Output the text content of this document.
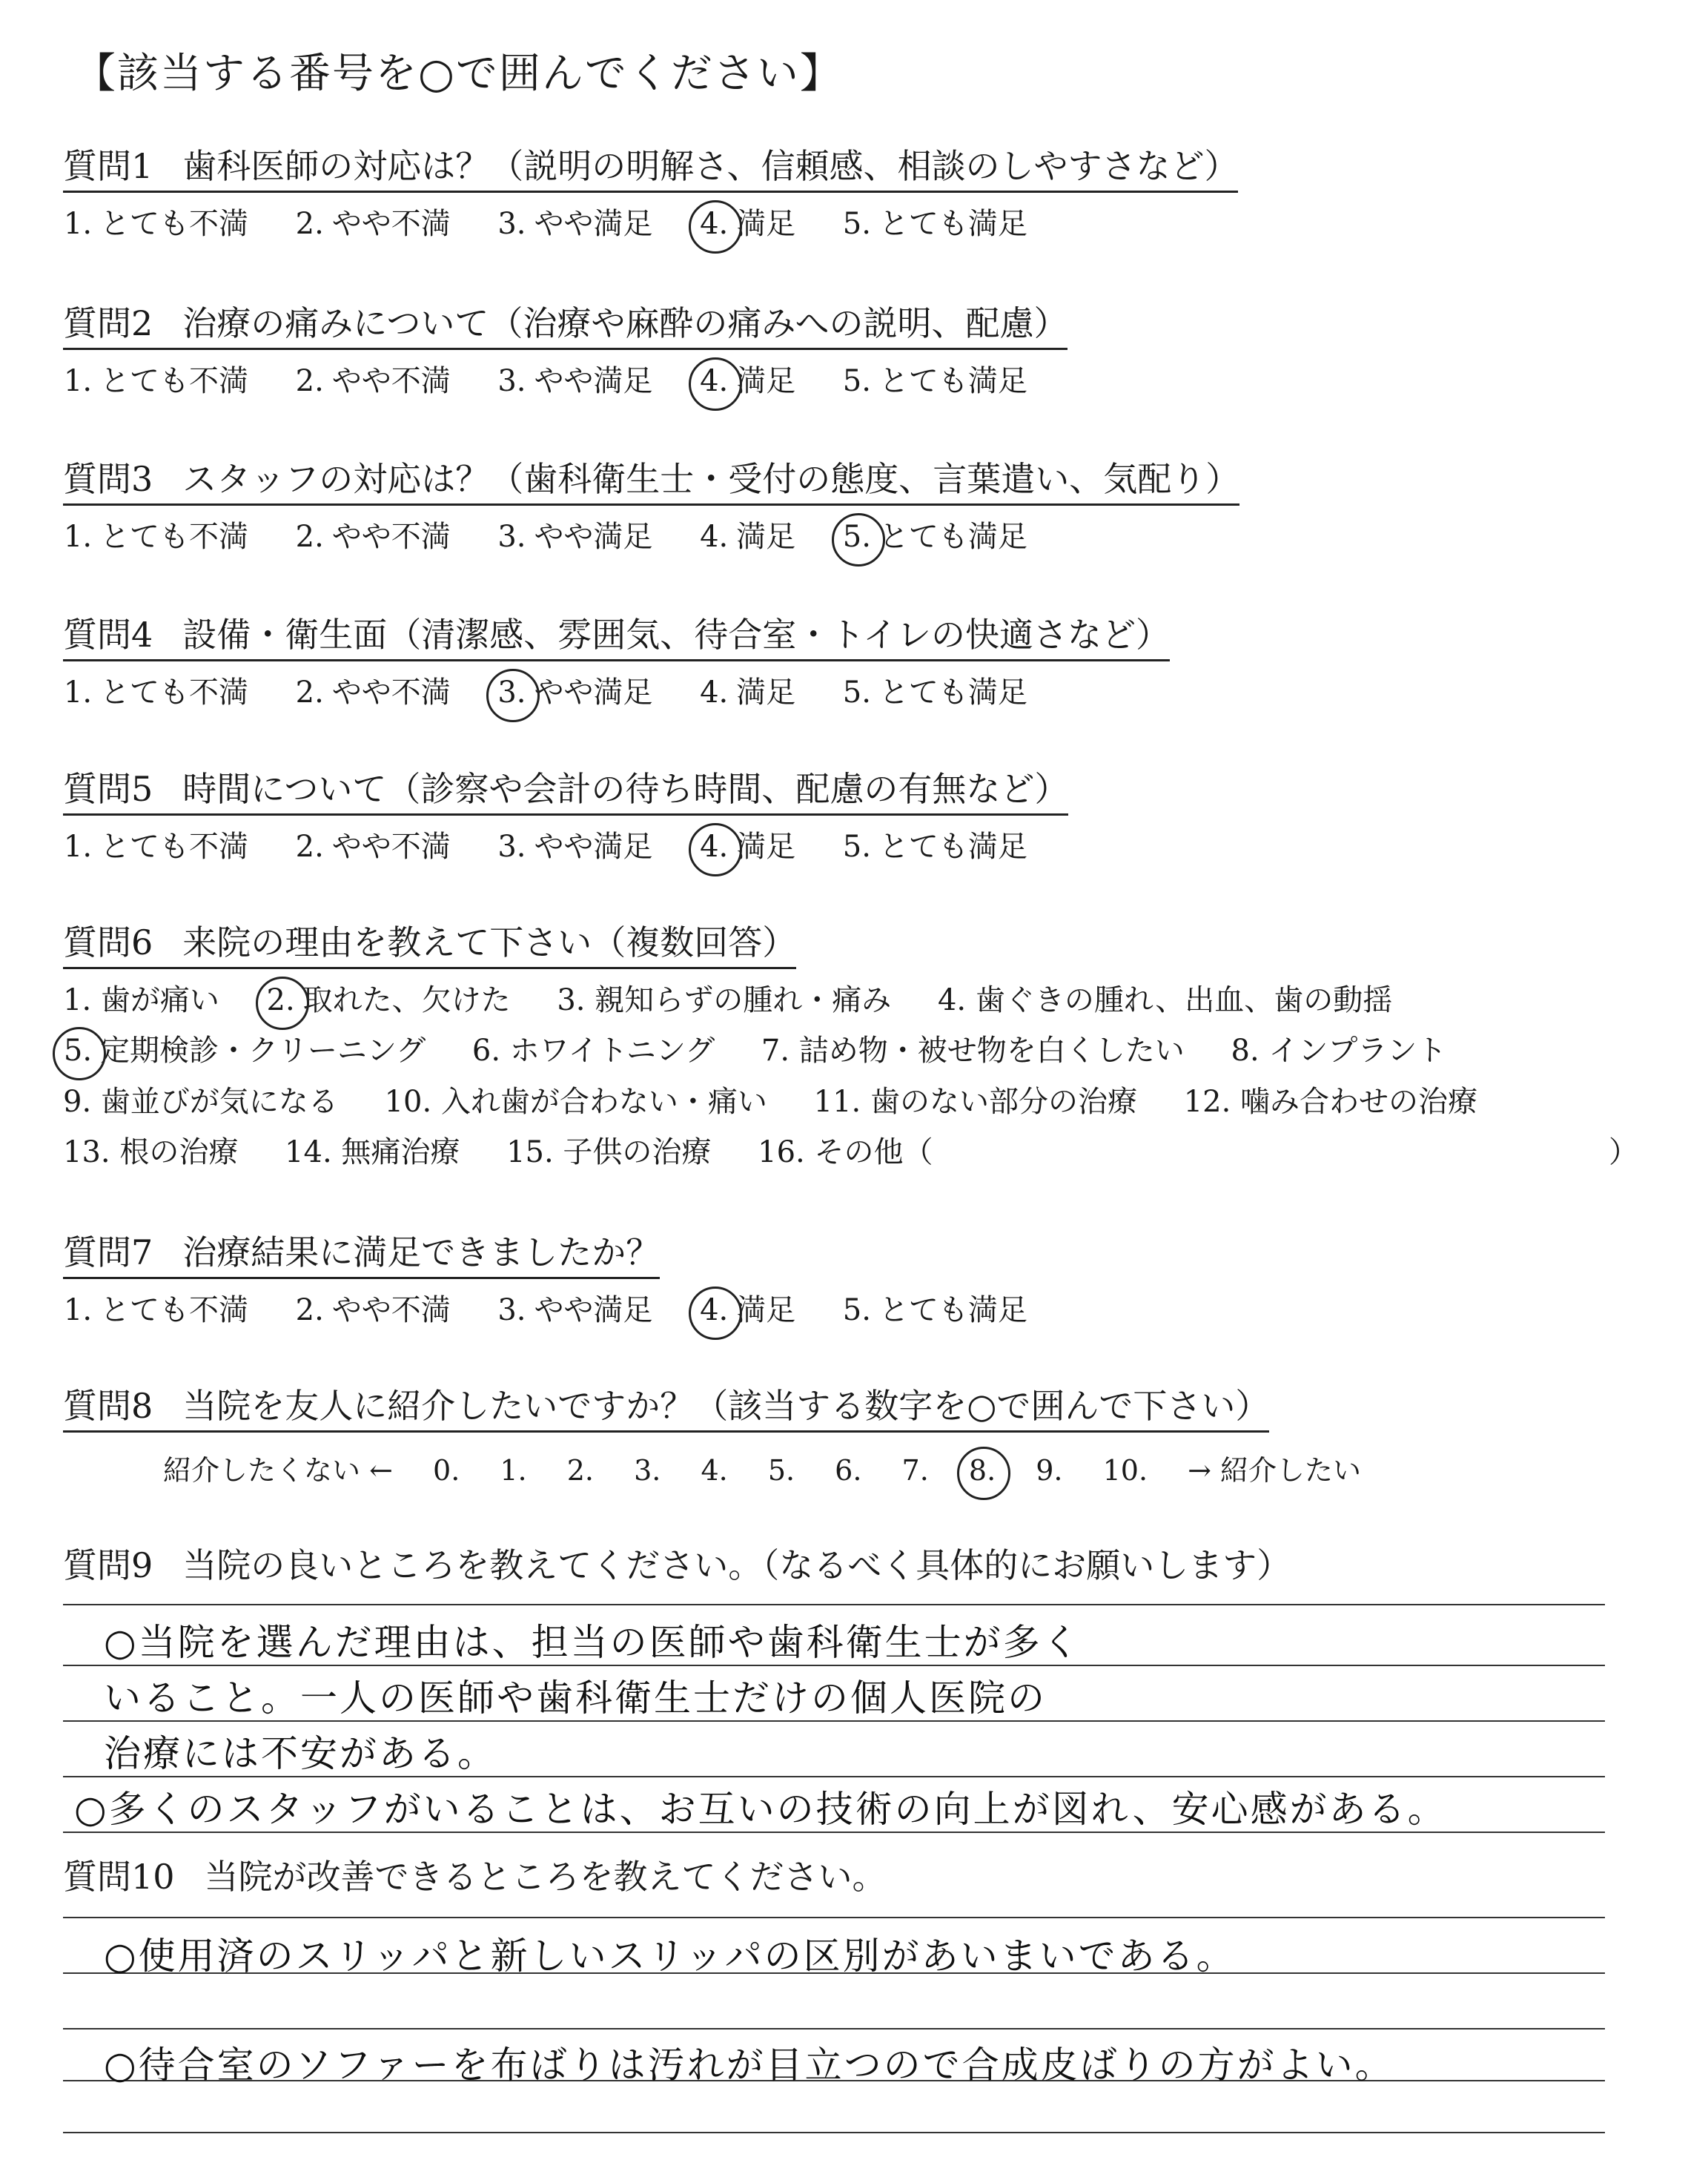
【該当する番号を○で囲んでください】
質問1 歯科医師の対応は？（説明の明解さ、信頼感、相談のしやすさなど）
1. とても不満 2. やや不満 3. やや満足 4. 満足 5. とても満足
質問2 治療の痛みについて（治療や麻酔の痛みへの説明、配慮）
1. とても不満 2. やや不満 3. やや満足 4. 満足 5. とても満足
質問3 スタッフの対応は？（歯科衛生士・受付の態度、言葉遣い、気配り）
1. とても不満 2. やや不満 3. やや満足 4. 満足 5. とても満足
質問4 設備・衛生面（清潔感、雰囲気、待合室・トイレの快適さなど）
1. とても不満 2. やや不満 3. やや満足 4. 満足 5. とても満足
質問5 時間について（診察や会計の待ち時間、配慮の有無など）
1. とても不満 2. やや不満 3. やや満足 4. 満足 5. とても満足
質問6 来院の理由を教えて下さい（複数回答）
1. 歯が痛い 2. 取れた、欠けた 3. 親知らずの腫れ・痛み 4. 歯ぐきの腫れ、出血、歯の動揺
5. 定期検診・クリーニング 6. ホワイトニング 7. 詰め物・被せ物を白くしたい 8. インプラント
9. 歯並びが気になる 10. 入れ歯が合わない・痛い 11. 歯のない部分の治療 12. 噛み合わせの治療
13. 根の治療 14. 無痛治療 15. 子供の治療 16. その他（	）
質問7 治療結果に満足できましたか？
1. とても不満 2. やや不満 3. やや満足 4. 満足 5. とても満足
質問8 当院を友人に紹介したいですか？（該当する数字を○で囲んで下さい）
紹介したくない ← 0. 1. 2. 3. 4. 5. 6. 7. 8. 9. 10. → 紹介したい
質問9 当院の良いところを教えてください。（なるべく具体的にお願いします）
○当院を選んだ理由は、担当の医師や歯科衛生士が多く
いること。一人の医師や歯科衛生士だけの個人医院の
治療には不安がある。
○多くのスタッフがいることは、お互いの技術の向上が図れ、安心感がある。
質問10 当院が改善できるところを教えてください。
○使用済のスリッパと新しいスリッパの区別があいまいである。
○待合室のソファーを布ばりは汚れが目立つので合成皮ばりの方がよい。
